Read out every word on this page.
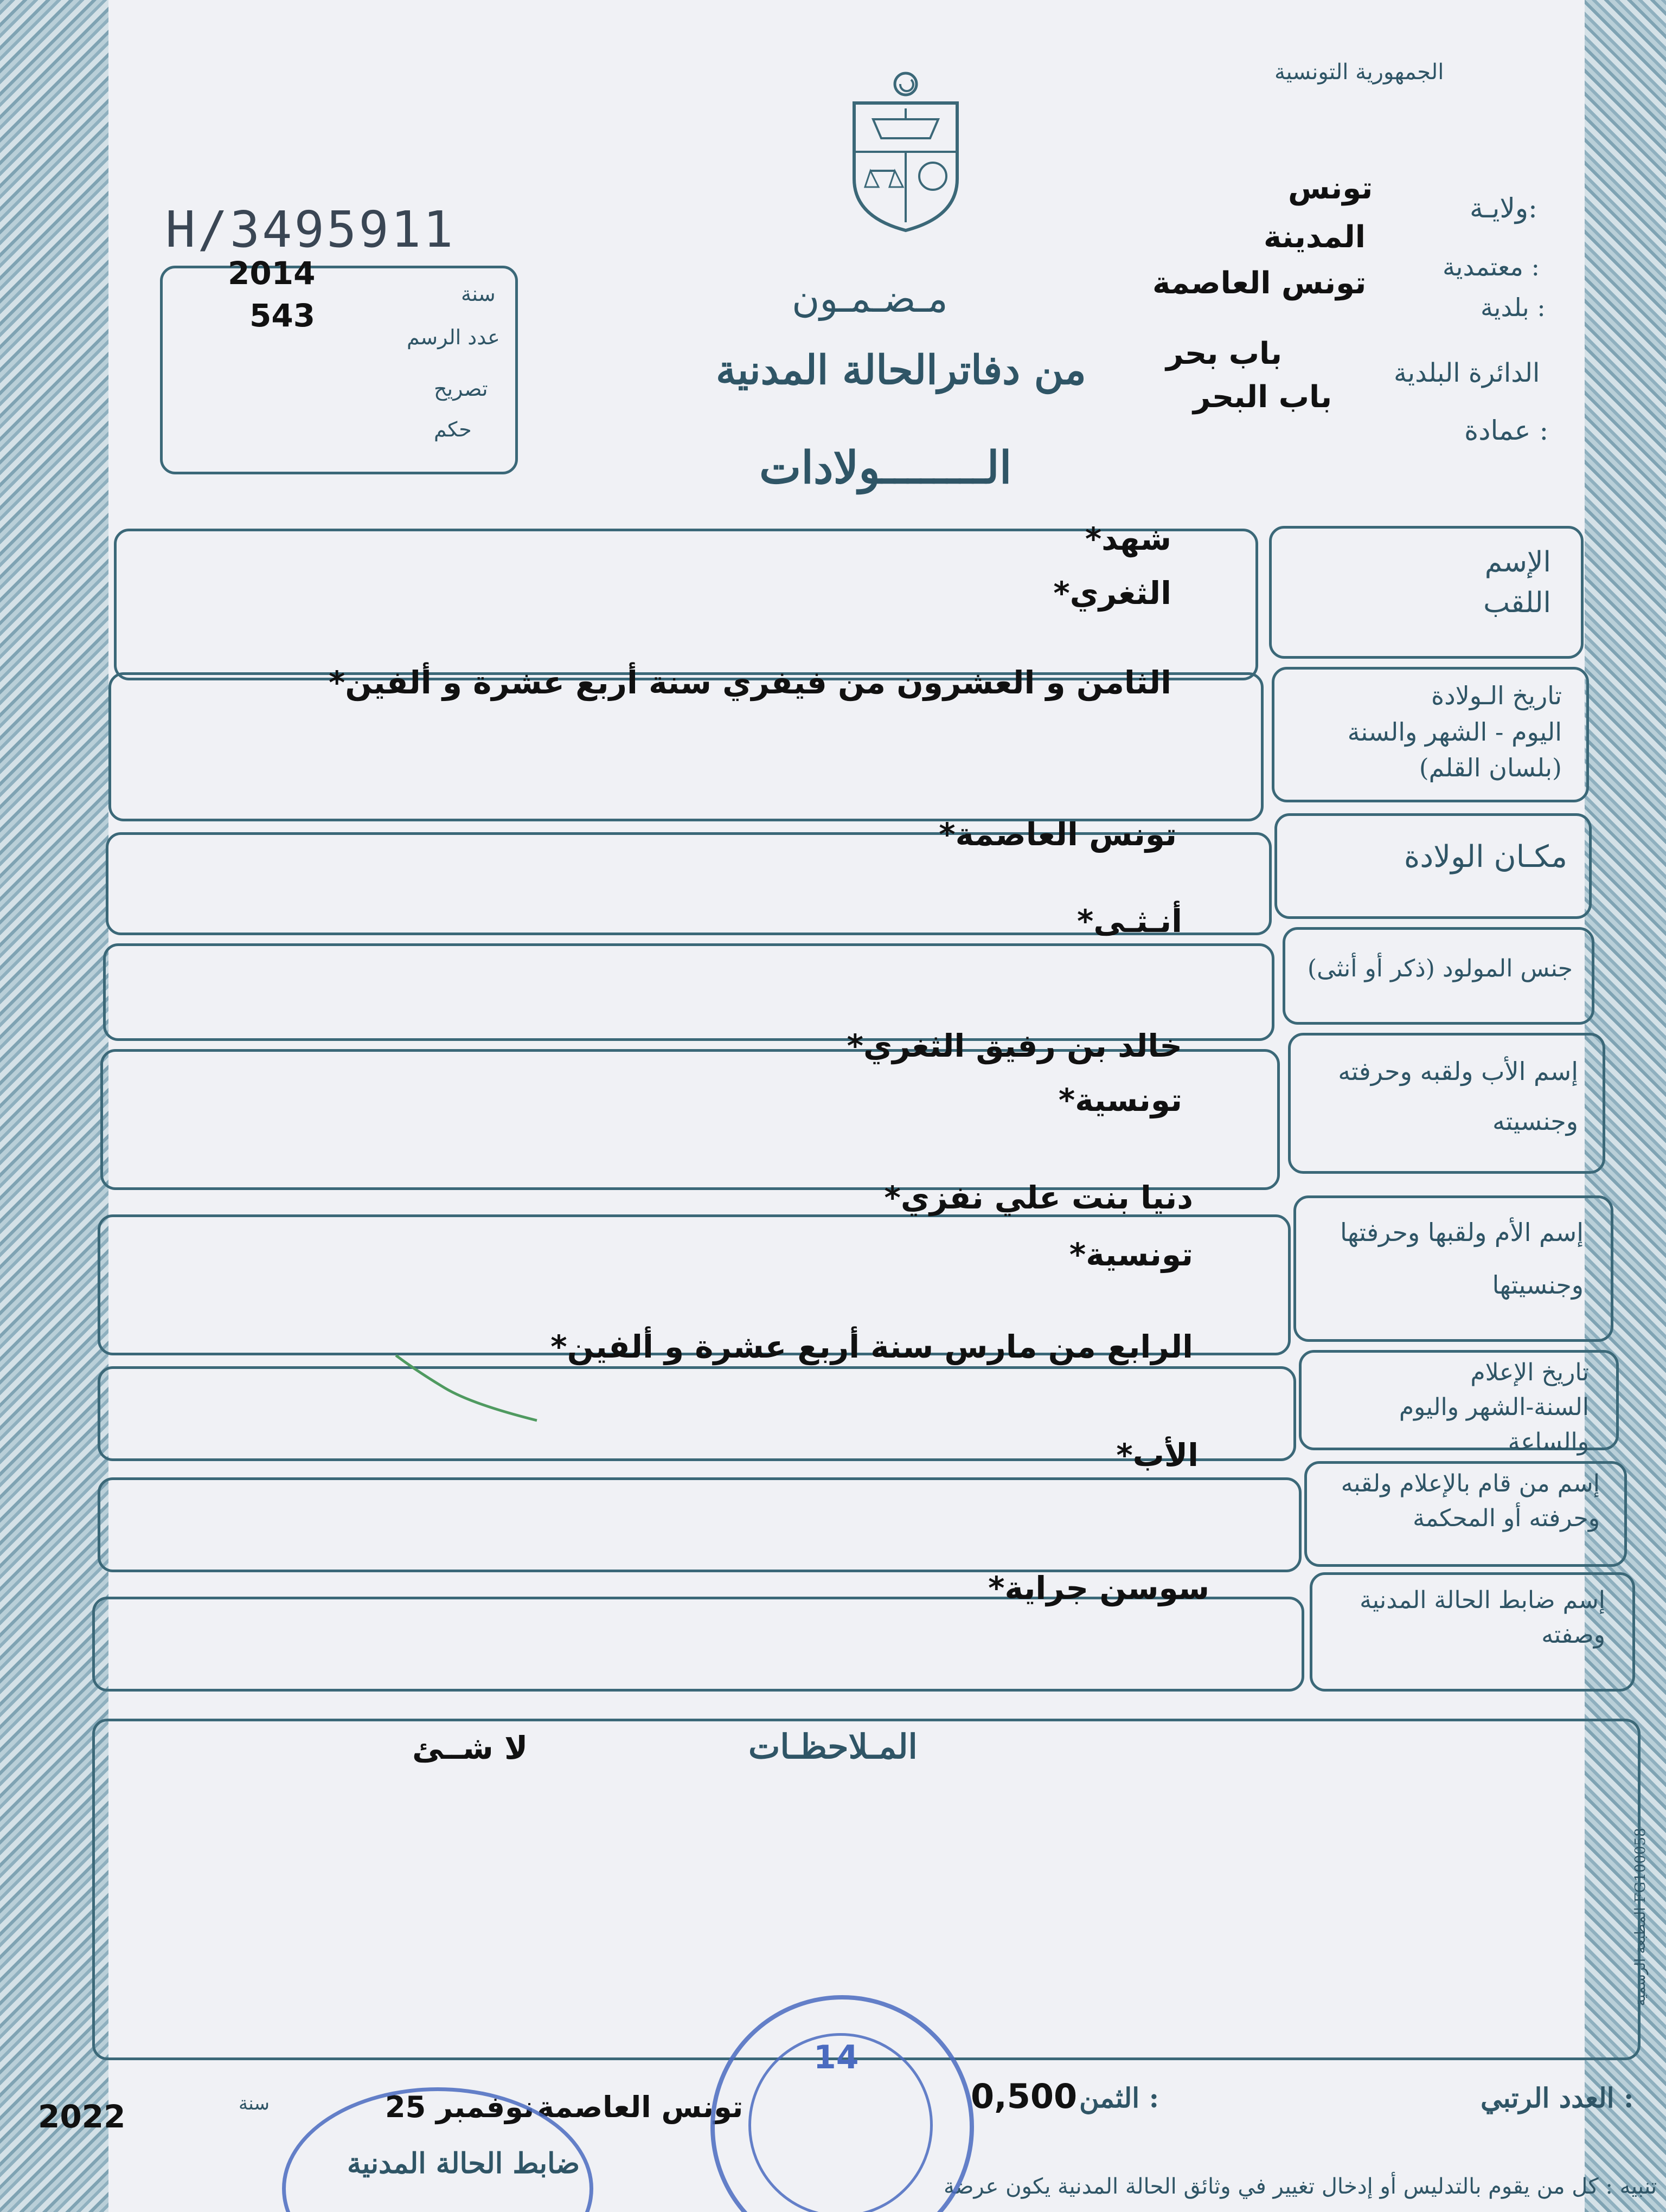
الجمهورية التونسية
H/3495911
2014
543
سنة
عدد الرسم
تصريح
حكم
مـضـمـون
من دفاترالحالة المدنية
الــــــــولادات
ولايـة:
معتمدية :
بلدية :
الدائرة البلدية
عمادة :
تونس
المدينة
تونس العاصمة
باب بحر
باب البحر
الإسم
اللقب
شهد*
الثغري*
تاريخ الـولادة
اليوم - الشهر والسنة
(بلسان القلم)
الثامن و العشرون من فيفري سنة أربع عشرة و ألفين*
مكـان الولادة
تونس العاصمة*
جنس المولود (ذكر أو أنثى)
أنـثـى*
إسم الأب ولقبه وحرفته
وجنسيته
خالد بن رفيق الثغري*
تونسية*
إسم الأم ولقبها وحرفتها
وجنسيتها
دنيا بنت علي نفزي*
تونسية*
تاريخ الإعلام
السنة-الشهر واليوم والساعة
الرابع من مارس سنة أربع عشرة و ألفين*
إسم من قام بالإعلام ولقبه
وحرفته أو المحكمة
الأب*
إسم ضابط الحالة المدنية
وصفته
سوسن جراية*
المـلاحظـات
لا شــئ
المطبعة الرسمية FG100058
العدد الرتبي :
الثمن :
0,500
تونس العاصمة
25 نوفمبر
سنة
2022
ضابط الحالة المدنية
تنبيه : كل من يقوم بالتدليس أو إدخال تغيير في وثائق الحالة المدنية يكون عرضة
14
